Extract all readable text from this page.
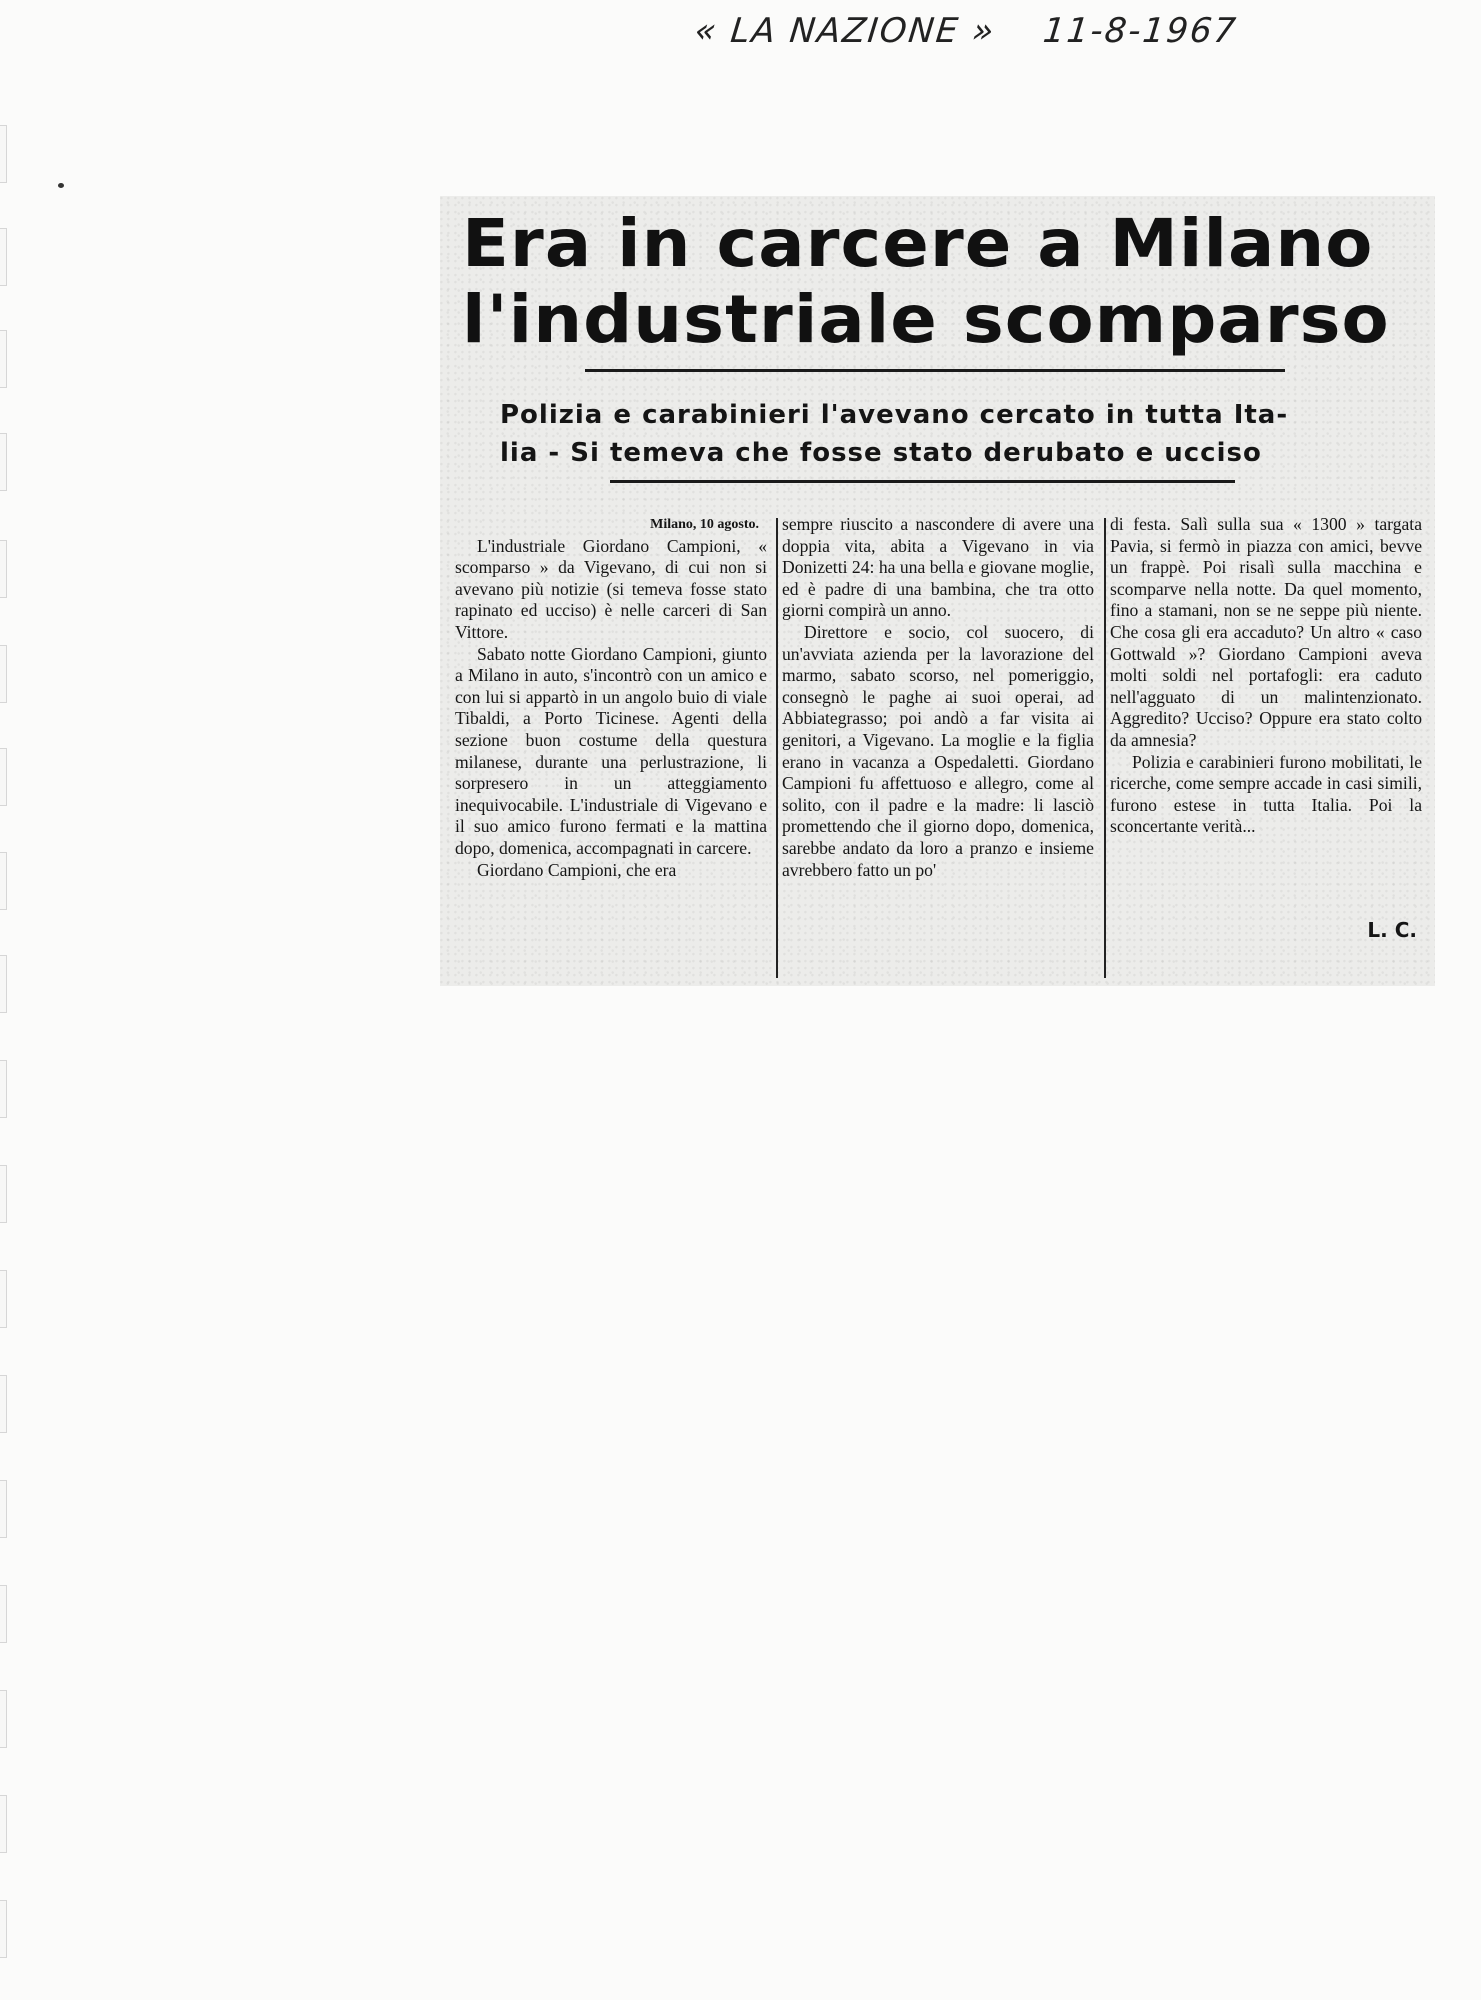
« LA NAZIONE » 11-8-1967
Era in carcere a Milano
l'industriale scomparso
Polizia e carabinieri l'avevano cercato in tutta Ita-
lia - Si temeva che fosse stato derubato e ucciso

Milano, 10 agosto.

L'industriale Giordano Campioni, « scomparso » da Vigevano, di cui non si avevano più notizie (si temeva fosse stato rapinato ed ucciso) è nelle carceri di San Vittore.

Sabato notte Giordano Campioni, giunto a Milano in auto, s'incontrò con un amico e con lui si appartò in un angolo buio di viale Tibaldi, a Porto Ticinese. Agenti della sezione buon costume della questura milanese, durante una perlustrazione, li sorpresero in un atteggiamento inequivocabile. L'industriale di Vigevano e il suo amico furono fermati e la mattina dopo, domenica, accompagnati in carcere.

Giordano Campioni, che era

sempre riuscito a nascondere di avere una doppia vita, abita a Vigevano in via Donizetti 24: ha una bella e giovane moglie, ed è padre di una bambina, che tra otto giorni compirà un anno.

Direttore e socio, col suocero, di un'avviata azienda per la lavorazione del marmo, sabato scorso, nel pomeriggio, consegnò le paghe ai suoi operai, ad Abbiategrasso; poi andò a far visita ai genitori, a Vigevano. La moglie e la figlia erano in vacanza a Ospedaletti. Giordano Campioni fu affettuoso e allegro, come al solito, con il padre e la madre: li lasciò promettendo che il giorno dopo, domenica, sarebbe andato da loro a pranzo e insieme avrebbero fatto un po'

di festa. Salì sulla sua « 1300 » targata Pavia, si fermò in piazza con amici, bevve un frappè. Poi risalì sulla macchina e scomparve nella notte. Da quel momento, fino a stamani, non se ne seppe più niente. Che cosa gli era accaduto? Un altro « caso Gottwald »? Giordano Campioni aveva molti soldi nel portafogli: era caduto nell'agguato di un malintenzionato. Aggredito? Ucciso? Oppure era stato colto da amnesia?

Polizia e carabinieri furono mobilitati, le ricerche, come sempre accade in casi simili, furono estese in tutta Italia. Poi la sconcertante verità...

L. C.
